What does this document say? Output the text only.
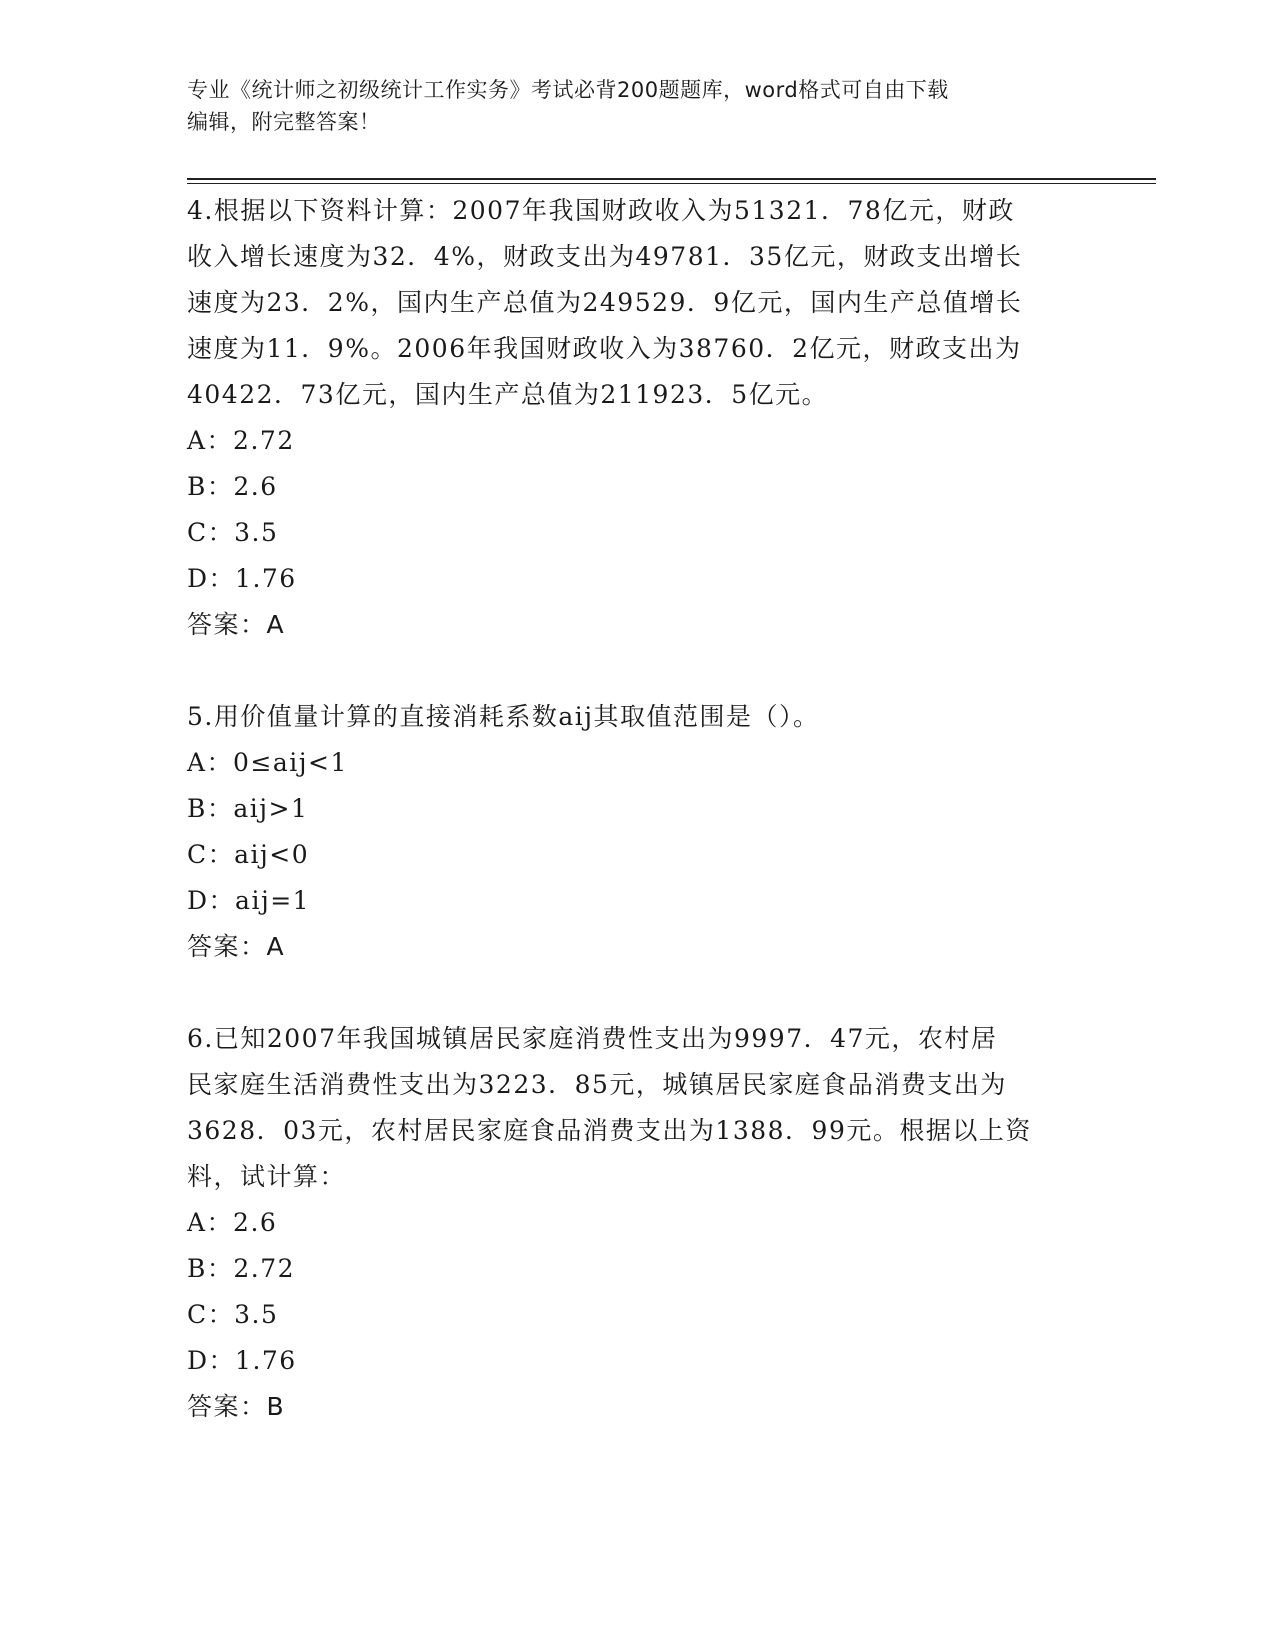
专业《统计师之初级统计工作实务》考试必背200题题库，word格式可自由下载
编辑，附完整答案！
4.根据以下资料计算：2007年我国财政收入为51321．78亿元，财政
收入增长速度为32．4%，财政支出为49781．35亿元，财政支出增长
速度为23．2%，国内生产总值为249529．9亿元，国内生产总值增长
速度为11．9%。2006年我国财政收入为38760．2亿元，财政支出为
40422．73亿元，国内生产总值为211923．5亿元。
A：2.72
B：2.6
C：3.5
D：1.76
答案：A
5.用价值量计算的直接消耗系数aij其取值范围是（）。
A：0≤aij<1
B：aij>1
C：aij<0
D：aij=1
答案：A
6.已知2007年我国城镇居民家庭消费性支出为9997．47元，农村居
民家庭生活消费性支出为3223．85元，城镇居民家庭食品消费支出为
3628．03元，农村居民家庭食品消费支出为1388．99元。根据以上资
料，试计算：
A：2.6
B：2.72
C：3.5
D：1.76
答案：B
